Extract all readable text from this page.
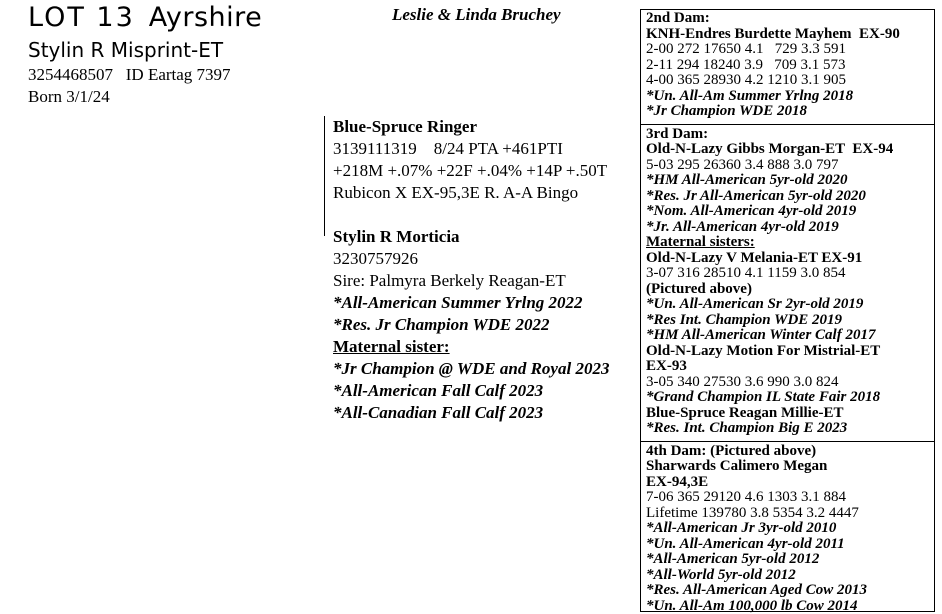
LOT 13 Ayrshire	Leslie & Linda Bruchey
Stylin R Misprint-ET
3254468507   ID Eartag 7397
Born 3/1/24
Blue-Spruce Ringer
3139111319    8/24 PTA +461PTI
+218M +.07% +22F +.04% +14P +.50T
Rubicon X EX-95,3E R. A-A Bingo
Stylin R Morticia
3230757926
Sire: Palmyra Berkely Reagan-ET
*All-American Summer Yrlng 2022
*Res. Jr Champion WDE 2022
Maternal sister:
*Jr Champion @ WDE and Royal 2023
*All-American Fall Calf 2023
*All-Canadian Fall Calf 2023
2nd Dam:
KNH-Endres Burdette Mayhem  EX-90
2-00 272 17650 4.1   729 3.3 591
2-11 294 18240 3.9   709 3.1 573
4-00 365 28930 4.2 1210 3.1 905
*Un. All-Am Summer Yrlng 2018
*Jr Champion WDE 2018
3rd Dam:
Old-N-Lazy Gibbs Morgan-ET  EX-94
5-03 295 26360 3.4 888 3.0 797
*HM All-American 5yr-old 2020
*Res. Jr All-American 5yr-old 2020
*Nom. All-American 4yr-old 2019
*Jr. All-American 4yr-old 2019
Maternal sisters:
Old-N-Lazy V Melania-ET EX-91
3-07 316 28510 4.1 1159 3.0 854
(Pictured above)
*Un. All-American Sr 2yr-old 2019
*Res Int. Champion WDE 2019
*HM All-American Winter Calf 2017
Old-N-Lazy Motion For Mistrial-ET
EX-93
3-05 340 27530 3.6 990 3.0 824
*Grand Champion IL State Fair 2018
Blue-Spruce Reagan Millie-ET
*Res. Int. Champion Big E 2023
4th Dam: (Pictured above)
Sharwards Calimero Megan
EX-94,3E
7-06 365 29120 4.6 1303 3.1 884
Lifetime 139780 3.8 5354 3.2 4447
*All-American Jr 3yr-old 2010
*Un. All-American 4yr-old 2011
*All-American 5yr-old 2012
*All-World 5yr-old 2012
*Res. All-American Aged Cow 2013
*Un. All-Am 100,000 lb Cow 2014
